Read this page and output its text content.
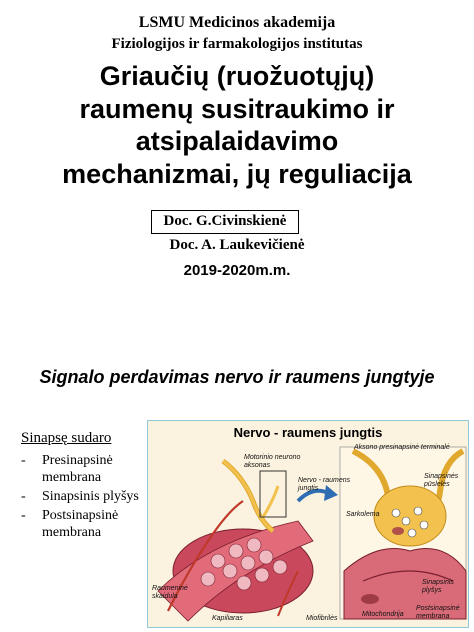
LSMU Medicinos akademija
Fiziologijos ir farmakologijos institutas
Griaučių (ruožuotųjų)
raumenų susitraukimo ir
atsipalaidavimo
mechanizmai, jų reguliacija
Doc. G.Civinskienė
Doc. A. Laukevičienė
2019-2020m.m.
Signalo perdavimas nervo ir raumens jungtyje
Sinapsę sudaro
- Presinapsinė
membrana
- Sinapsinis plyšys
- Postsinapsinė
membrana
Nervo - raumens jungtis
Motorinio neurono
aksonas
Nervo - raumens
jungtis
Aksono presinapsinė terminalė
Sinapsinės
pūslelės
Sarkolema
Raumeninė
skaidula
Kapiliaras	Miofibrilės
Mitochondrija
Postsinapsinė
membrana
Sinapsinis
plyšys
